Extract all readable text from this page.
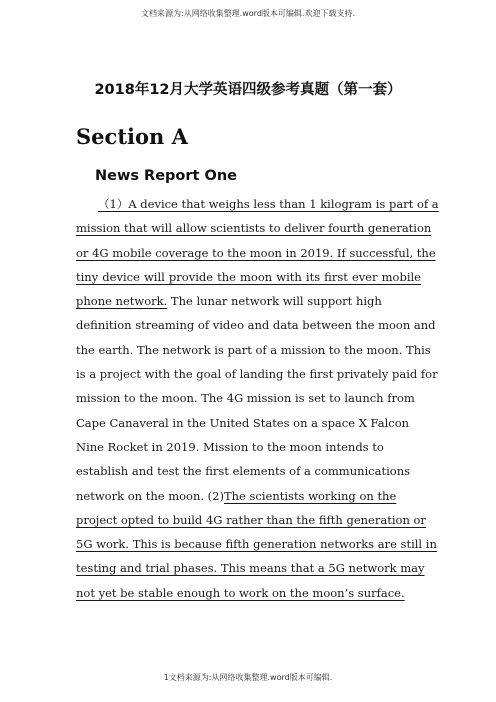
文档来源为:从网络收集整理.word版本可编辑.欢迎下载支持.
2018年12月大学英语四级参考真题（第一套）
Section A
News Report One
（1）A device that weighs less than 1 kilogram is part of a
mission that will allow scientists to deliver fourth generation
or 4G mobile coverage to the moon in 2019. If successful, the
tiny device will provide the moon with its first ever mobile
phone network. The lunar network will support high
definition streaming of video and data between the moon and
the earth. The network is part of a mission to the moon. This
is a project with the goal of landing the first privately paid for
mission to the moon. The 4G mission is set to launch from
Cape Canaveral in the United States on a space X Falcon
Nine Rocket in 2019. Mission to the moon intends to
establish and test the first elements of a communications
network on the moon. (2)The scientists working on the
project opted to build 4G rather than the fifth generation or
5G work. This is because fifth generation networks are still in
testing and trial phases. This means that a 5G network may
not yet be stable enough to work on the moon’s surface.
1文档来源为:从网络收集整理.word版本可编辑.
